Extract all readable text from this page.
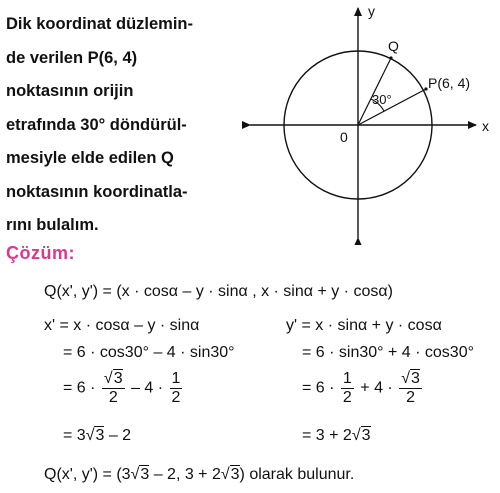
Dik koordinat düzlemin-
de verilen P(6, 4)
noktasının orijin
etrafında 30° döndürül-
mesiyle elde edilen Q
noktasının koordinatla-
rını bulalım.
y
x
0
P(6, 4)
Q
30°
Çözüm:
Q(x', y') = (x · cosα – y · sinα , x · sinα + y · cosα)
x' = x · cosα – y · sinα	y' = x · sinα + y · cosα
= 6 · cos30° – 4 · sin30°	= 6 · sin30° + 4 · cos30°
= $6 \cdot \frac{√3}{2} - 4 \cdot \frac{1}{2}$	= $6 \cdot \frac{1}{2} + 4 \cdot \frac{√3}{2}$
= 3√3 – 2	= 3 + 2√3
Q(x', y') = (3√3 – 2, 3 + 2√3) olarak bulunur.
